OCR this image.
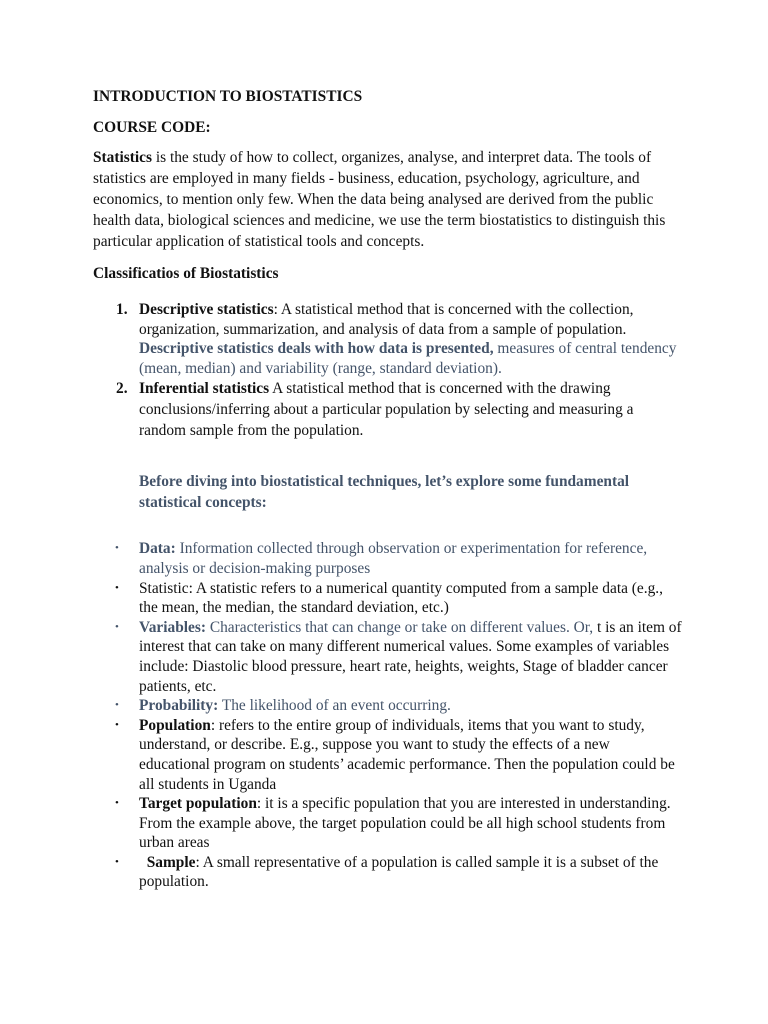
INTRODUCTION TO BIOSTATISTICS

COURSE CODE:

Statistics is the study of how to collect, organizes, analyse, and interpret data. The tools of statistics are employed in many fields - business, education, psychology, agriculture, and economics, to mention only few. When the data being analysed are derived from the public health data, biological sciences and medicine, we use the term biostatistics to distinguish this particular application of statistical tools and concepts.

Classificatios of Biostatistics

1. Descriptive statistics: A statistical method that is concerned with the collection, organization, summarization, and analysis of data from a sample of population. Descriptive statistics deals with how data is presented, measures of central tendency (mean, median) and variability (range, standard deviation).
2. Inferential statistics A statistical method that is concerned with the drawing conclusions/inferring about a particular population by selecting and measuring a random sample from the population.

Before diving into biostatistical techniques, let’s explore some fundamental statistical concepts:

• Data: Information collected through observation or experimentation for reference, analysis or decision-making purposes
• Statistic: A statistic refers to a numerical quantity computed from a sample data (e.g., the mean, the median, the standard deviation, etc.)
• Variables: Characteristics that can change or take on different values. Or, t is an item of interest that can take on many different numerical values. Some examples of variables include: Diastolic blood pressure, heart rate, heights, weights, Stage of bladder cancer patients, etc.
• Probability: The likelihood of an event occurring.
• Population: refers to the entire group of individuals, items that you want to study, understand, or describe. E.g., suppose you want to study the effects of a new educational program on students’ academic performance. Then the population could be all students in Uganda
• Target population: it is a specific population that you are interested in understanding. From the example above, the target population could be all high school students from urban areas
• Sample: A small representative of a population is called sample it is a subset of the population.
